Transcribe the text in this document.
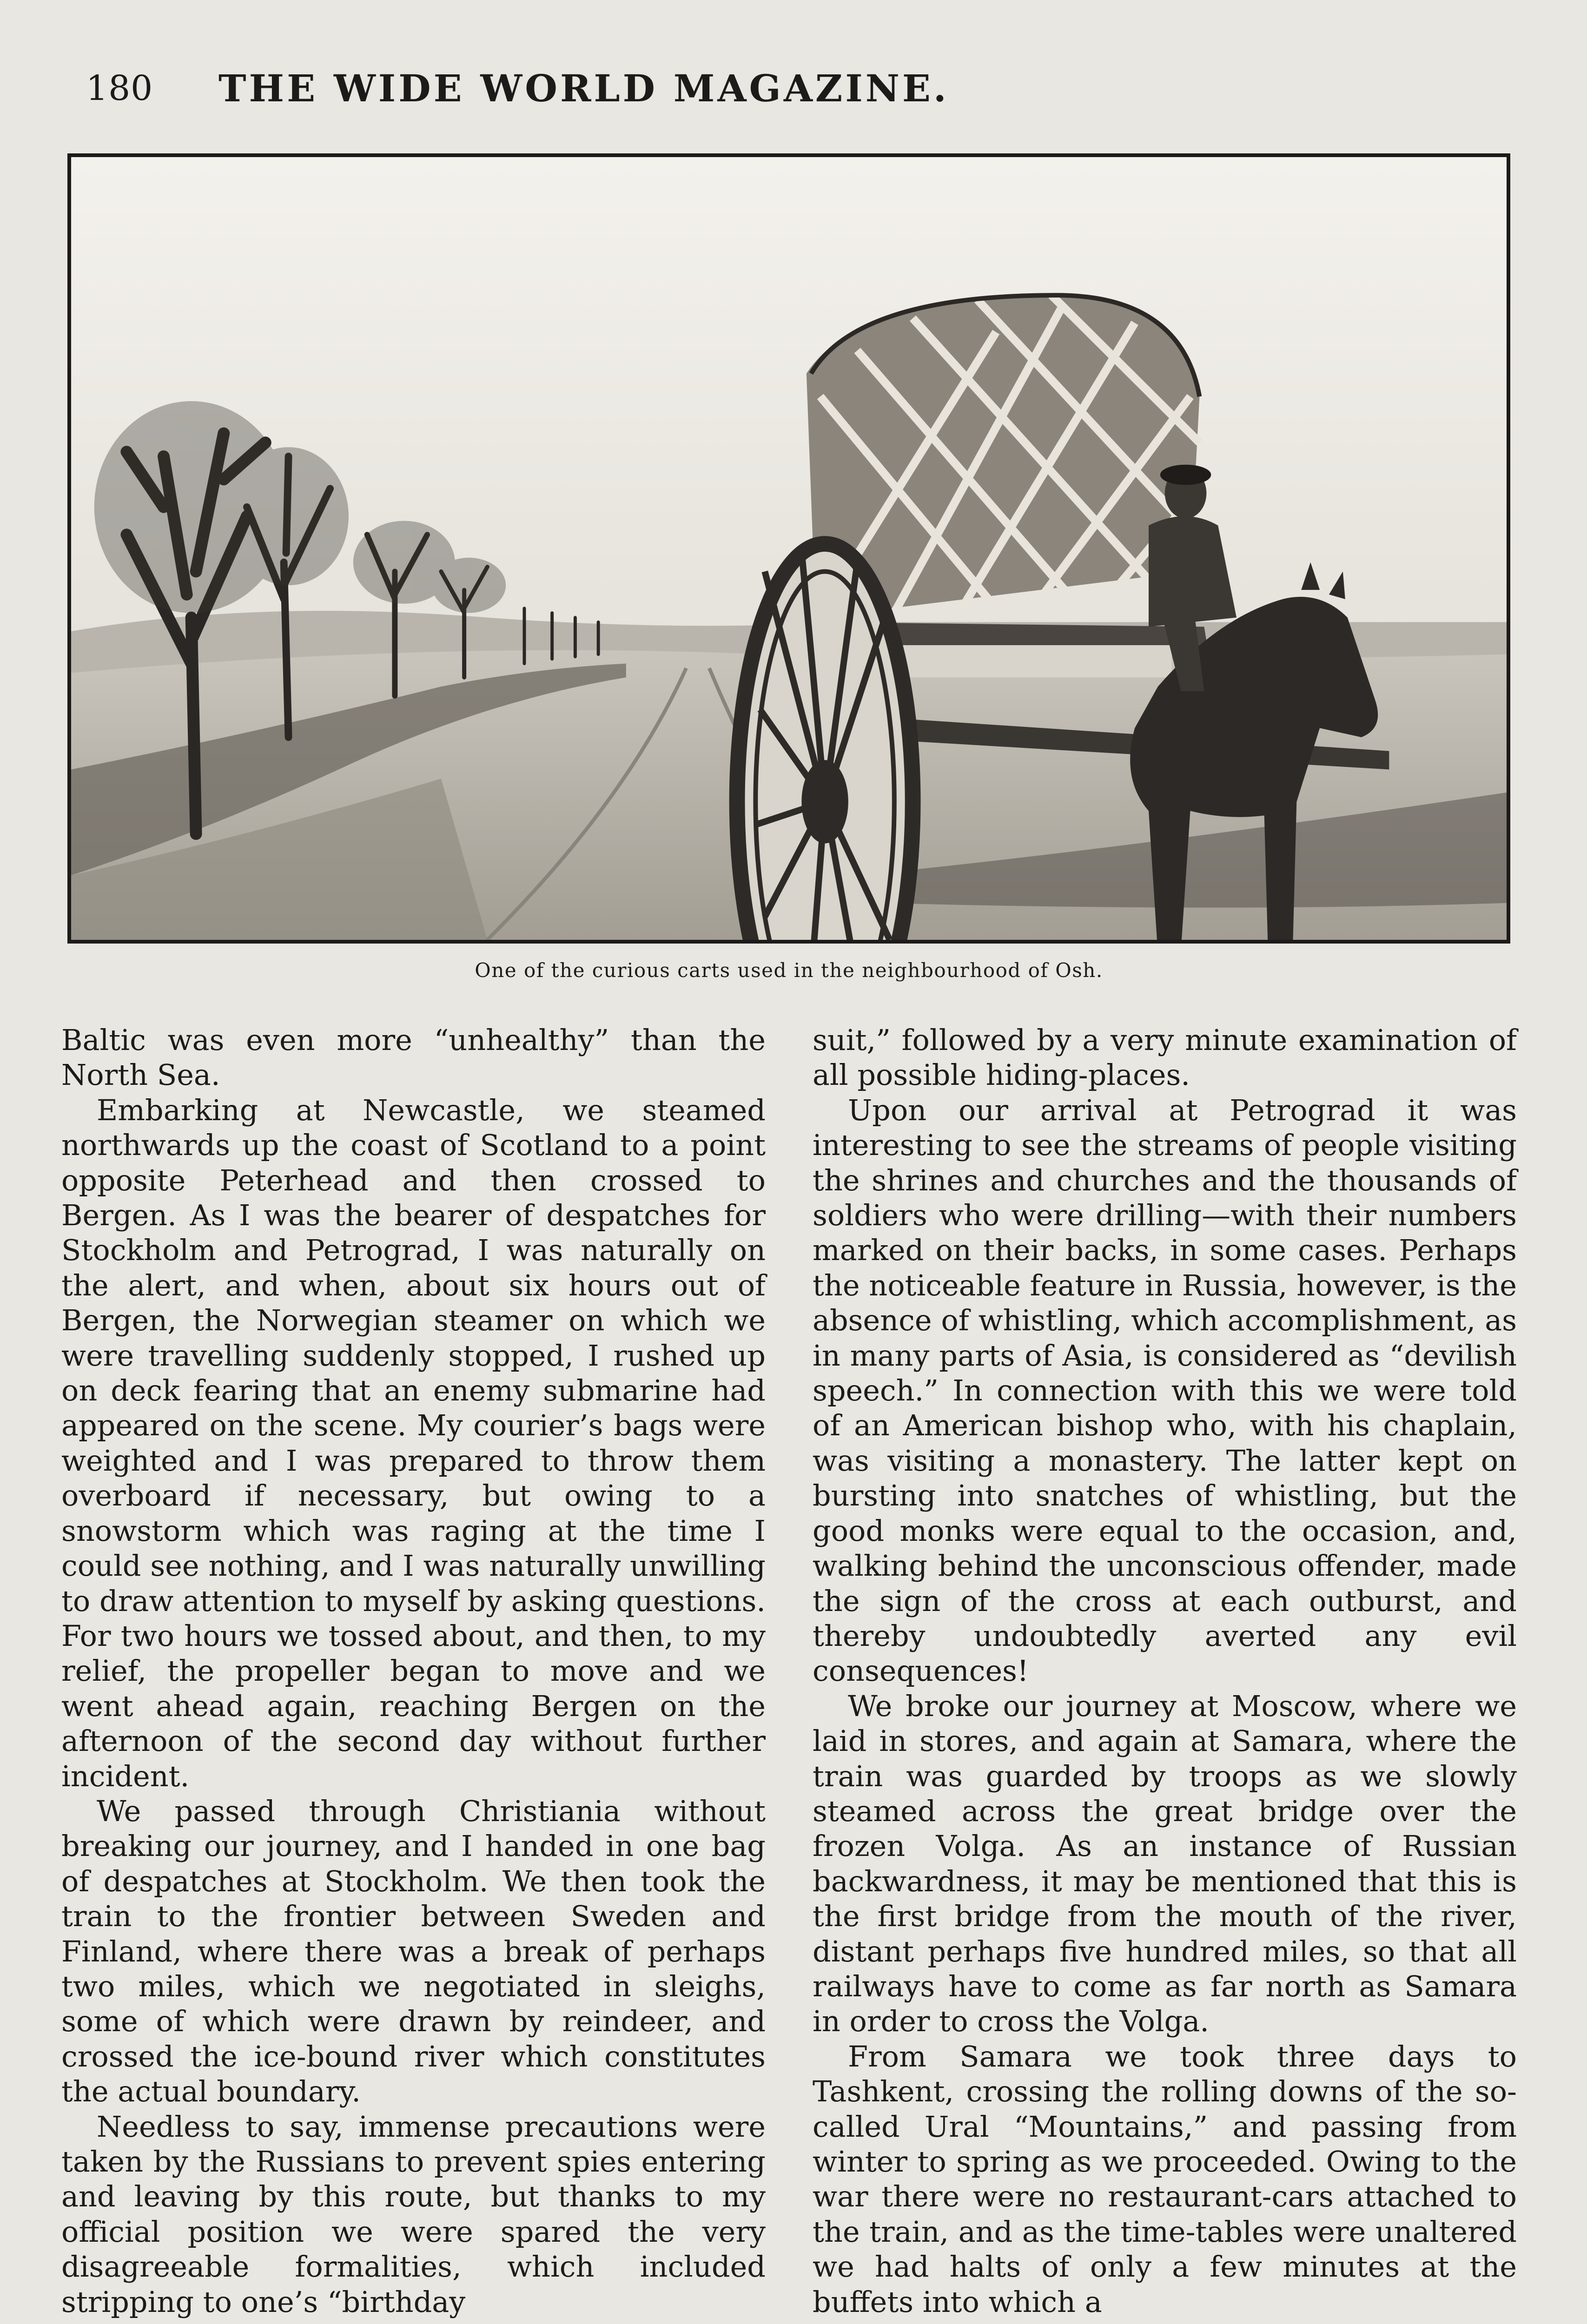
180 THE WIDE WORLD MAGAZINE.
One of the curious carts used in the neighbourhood of Osh.

Baltic was even more “unhealthy” than the North Sea.

Embarking at Newcastle, we steamed northwards up the coast of Scotland to a point opposite Peterhead and then crossed to Bergen. As I was the bearer of despatches for Stockholm and Petrograd, I was naturally on the alert, and when, about six hours out of Bergen, the Norwegian steamer on which we were travelling suddenly stopped, I rushed up on deck fearing that an enemy submarine had appeared on the scene. My courier’s bags were weighted and I was prepared to throw them overboard if necessary, but owing to a snowstorm which was raging at the time I could see nothing, and I was naturally unwilling to draw attention to myself by asking questions. For two hours we tossed about, and then, to my relief, the propeller began to move and we went ahead again, reaching Bergen on the afternoon of the second day without further incident.

We passed through Christiania without breaking our journey, and I handed in one bag of despatches at Stockholm. We then took the train to the frontier between Sweden and Finland, where there was a break of perhaps two miles, which we negotiated in sleighs, some of which were drawn by reindeer, and crossed the ice-bound river which constitutes the actual boundary.

Needless to say, immense precautions were taken by the Russians to prevent spies entering and leaving by this route, but thanks to my official position we were spared the very disagreeable formalities, which included stripping to one’s “birthday

suit,” followed by a very minute examination of all possible hiding-places.

Upon our arrival at Petrograd it was interesting to see the streams of people visiting the shrines and churches and the thousands of soldiers who were drilling—with their numbers marked on their backs, in some cases. Perhaps the noticeable feature in Russia, however, is the absence of whistling, which accomplishment, as in many parts of Asia, is considered as “devilish speech.” In connection with this we were told of an American bishop who, with his chaplain, was visiting a monastery. The latter kept on bursting into snatches of whistling, but the good monks were equal to the occasion, and, walking behind the unconscious offender, made the sign of the cross at each outburst, and thereby undoubtedly averted any evil consequences!

We broke our journey at Moscow, where we laid in stores, and again at Samara, where the train was guarded by troops as we slowly steamed across the great bridge over the frozen Volga. As an instance of Russian backwardness, it may be mentioned that this is the first bridge from the mouth of the river, distant perhaps five hundred miles, so that all railways have to come as far north as Samara in order to cross the Volga.

From Samara we took three days to Tashkent, crossing the rolling downs of the so-called Ural “Mountains,” and passing from winter to spring as we proceeded. Owing to the war there were no restaurant-cars attached to the train, and as the time-tables were unaltered we had halts of only a few minutes at the buffets into which a
